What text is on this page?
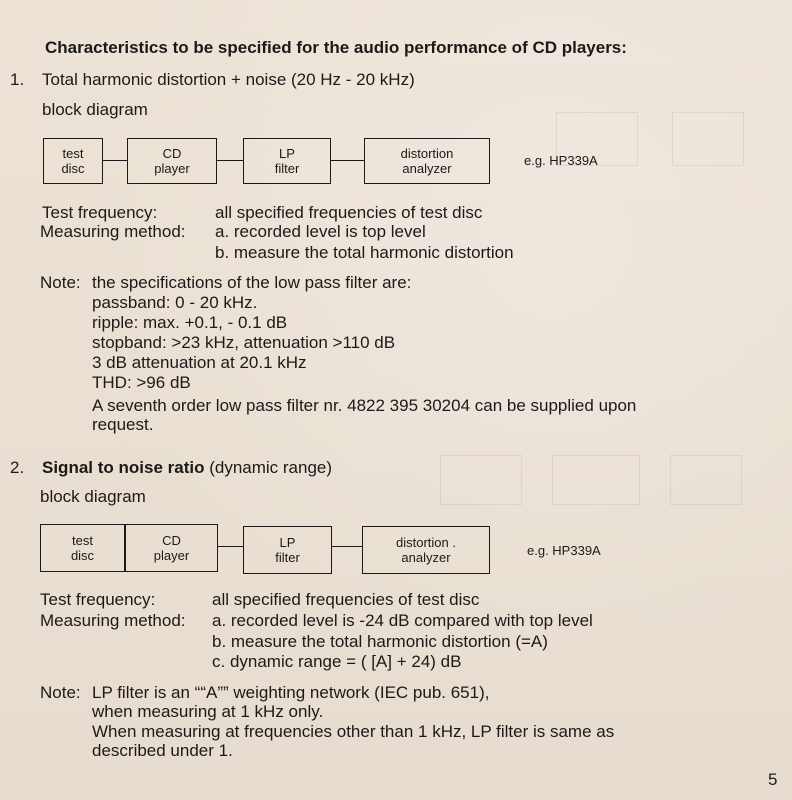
Characteristics to be specified for the audio performance of CD players:
1. Total harmonic distortion + noise (20 Hz - 20 kHz)
block diagram
test
disc
CD
player
LP
filter
distortion
analyzer
e.g. HP339A
Test frequency:	all specified frequencies of test disc
Measuring method: a. recorded level is top level
b. measure the total harmonic distortion
Note: the specifications of the low pass filter are:
passband: 0 - 20 kHz.
ripple: max. +0.1, - 0.1 dB
stopband: >23 kHz, attenuation >110 dB
3 dB attenuation at 20.1 kHz
THD: >96 dB
A seventh order low pass filter nr. 4822 395 30204 can be supplied upon
request.
2. Signal to noise ratio (dynamic range)
block diagram
test
disc
CD
player
LP
filter
distortion .
analyzer	e.g. HP339A
Test frequency:	all specified frequencies of test disc
Measuring method: a. recorded level is -24 dB compared with top level
b. measure the total harmonic distortion (=A)
c. dynamic range = ( [A] + 24) dB
Note: LP filter is an ““A”” weighting network (IEC pub. 651),
when measuring at 1 kHz only.
When measuring at frequencies other than 1 kHz, LP filter is same as
described under 1.
5
